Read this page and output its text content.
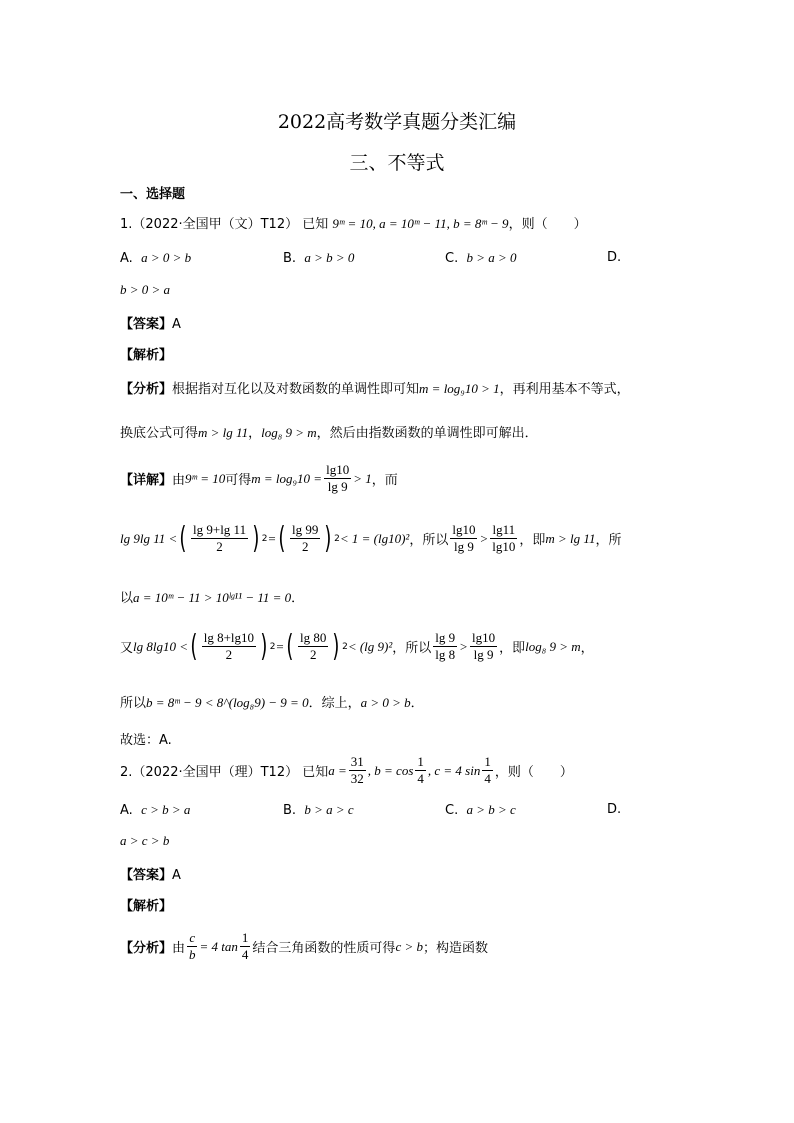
2022高考数学真题分类汇编
三、不等式
一、选择题
1.（2022·全国甲（文）T12） 已知 9ᵐ = 10, a = 10ᵐ − 11, b = 8ᵐ − 9，则（　　）
A. a > 0 > b	B. a > b > 0	C. b > a > 0	D.
b > 0 > a
【答案】A
【解析】
【分析】根据指对互化以及对数函数的单调性即可知m = log₉10 > 1，再利用基本不等式，
换底公式可得m > lg 11，log₈ 9 > m，然后由指数函数的单调性即可解出．
【详解】 由 9ᵐ = 10 可得 $m = \log_910 = \frac{\lg 10}{\lg 9} > 1$ ，而
lg 9lg 11 < ( $\frac{\lg 9+\lg 11}{2}$ ) 2 = ( $\frac{\lg 99}{2}$ ) 2 < 1 = (lg10)² ，所以 $\frac{\lg 10}{\lg 9} > \frac{\lg 11}{\lg 10}$ ，即 m > lg 11 ，所
以a = 10ᵐ − 11 > 10ˡᵍ¹¹ − 11 = 0．
又 lg 8lg10 < ( $\frac{\lg 8+\lg 10}{2}$ ) 2 = ( $\frac{\lg 80}{2}$ ) 2 < (lg 9)² ，所以 $\frac{\lg 9}{\lg 8} > \frac{\lg 10}{\lg 9}$ ，即 log₈ 9 > m ，
所以b = 8ᵐ − 9 < 8^(log₈9) − 9 = 0．综上，a > 0 > b．
故选：A.
2.（2022·全国甲（理）T12） 已知 $a = \frac{31}{32}$ , $b = \cos \frac{1}{4}$ , c = 4 $\sin \frac{1}{4}$ ，则（　　）
A. c > b > a	B. b > a > c	C. a > b > c	D.
a > c > b
【答案】A
【解析】
【分析】 由 $\frac{c}{b} = 4$ $\tan \frac{1}{4}$ 结合三角函数的性质可得 c > b ；构造函数
